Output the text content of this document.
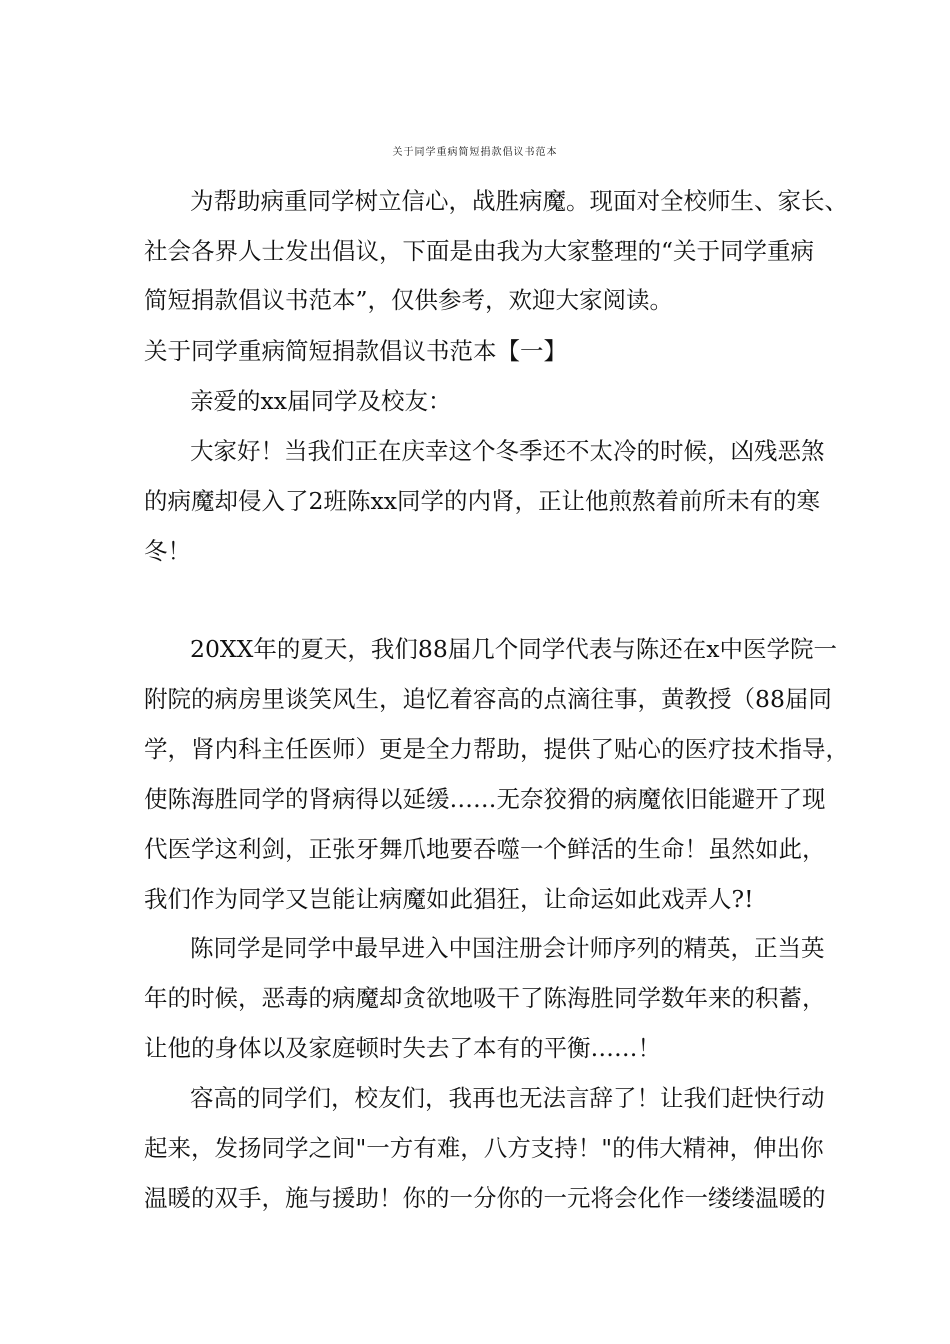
关于同学重病简短捐款倡议书范本
为帮助病重同学树立信心，战胜病魔。现面对全校师生、家长、
社会各界人士发出倡议，下面是由我为大家整理的“关于同学重病
简短捐款倡议书范本”，仅供参考，欢迎大家阅读。
关于同学重病简短捐款倡议书范本【一】
亲爱的xx届同学及校友：
大家好！当我们正在庆幸这个冬季还不太冷的时候，凶残恶煞
的病魔却侵入了2班陈xx同学的内肾，正让他煎熬着前所未有的寒
冬！
20XX年的夏天，我们88届几个同学代表与陈还在x中医学院一
附院的病房里谈笑风生，追忆着容高的点滴往事，黄教授（88届同
学，肾内科主任医师）更是全力帮助，提供了贴心的医疗技术指导，
使陈海胜同学的肾病得以延缓……无奈狡猾的病魔依旧能避开了现
代医学这利剑，正张牙舞爪地要吞噬一个鲜活的生命！虽然如此，
我们作为同学又岂能让病魔如此猖狂，让命运如此戏弄人?!
陈同学是同学中最早进入中国注册会计师序列的精英，正当英
年的时候，恶毒的病魔却贪欲地吸干了陈海胜同学数年来的积蓄，
让他的身体以及家庭顿时失去了本有的平衡……！
容高的同学们，校友们，我再也无法言辞了！让我们赶快行动
起来，发扬同学之间"一方有难，八方支持！"的伟大精神，伸出你
温暖的双手，施与援助！你的一分你的一元将会化作一缕缕温暖的
